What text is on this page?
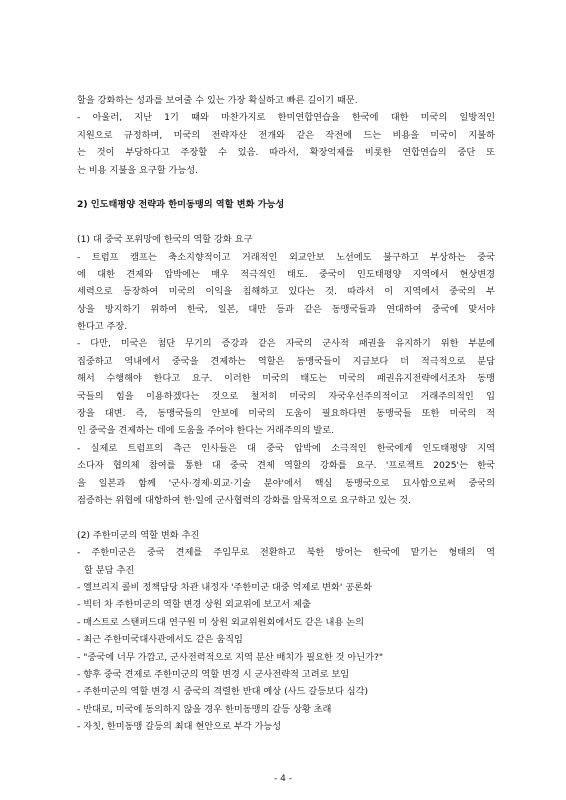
할을 강화하는 성과를 보여줄 수 있는 가장 확실하고 빠른 길이기 때문.
- 아울러, 지난 1기 때와 마찬가지로 한미연합연습을 한국에 대한 미국의 일방적인
지원으로 규정하며, 미국의 전략자산 전개와 같은 작전에 드는 비용을 미국이 지불하
는 것이 부당하다고 주장할 수 있음. 따라서, 확장억제를 비롯한 연합연습의 중단 또
는 비용 지불을 요구할 가능성.
2) 인도태평양 전략과 한미동맹의 역할 변화 가능성
(1) 대 중국 포위망에 한국의 역할 강화 요구
- 트럼프 캠프는 축소지향적이고 거래적인 외교안보 노선에도 불구하고 부상하는 중국
에 대한 견제와 압박에는 매우 적극적인 태도. 중국이 인도태평양 지역에서 현상변경
세력으로 등장하여 미국의 이익을 침해하고 있다는 것. 따라서 이 지역에서 중국의 부
상을 방지하기 위하여 한국, 일본, 대만 등과 같은 동맹국들과 연대하여 중국에 맞서야
한다고 주장.
- 다만, 미국은 첨단 무기의 증강과 같은 자국의 군사적 패권을 유지하기 위한 부분에
집중하고 역내에서 중국을 견제하는 역할은 동맹국들이 지금보다 더 적극적으로 분담
해서 수행해야 한다고 요구. 이러한 미국의 태도는 미국의 패권유지전략에서조차 동맹
국들의 힘을 이용하겠다는 것으로 철저히 미국의 자국우선주의적이고 거래주의적인 입
장을 대변. 즉, 동맹국들의 안보에 미국의 도움이 필요하다면 동맹국들 또한 미국의 적
인 중국을 견제하는 데에 도움을 주어야 한다는 거래주의의 발로.
- 실제로 트럼프의 측근 인사들은 대 중국 압박에 소극적인 한국에게 인도태평양 지역
소다자 협의체 참여를 통한 대 중국 견제 역할의 강화를 요구. '프로젝트 2025'는 한국
을 일본과 함께 '군사·경제·외교·기술 분야'에서 핵심 동맹국으로 묘사함으로써 중국의
점증하는 위협에 대항하여 한·일에 군사협력의 강화를 암묵적으로 요구하고 있는 것.
(2) 주한미군의 역할 변화 추진
- 주한미군은 중국 견제를 주임무로 전환하고 북한 방어는 한국에 맡기는 형태의 역
할 분담 추진
- 엘브리지 콜비 정책담당 차관 내정자 '주한미군 대중 억제로 변화' 공론화
- 빅터 차 주한미군의 역할 변경 상원 외교위에 보고서 제출
- 매스트로 스탠퍼드대 연구원 미 상원 외교위원회에서도 같은 내용 논의
- 최근 주한미국대사관에서도 같은 움직임
- "중국에 너무 가깝고, 군사전력적으로 지역 분산 배치가 필요한 것 아닌가?"
- 향후 중국 견제로 주한미군의 역할 변경 시 군사전략적 고려로 보임
- 주한미군의 역할 변경 시 중국의 격렬한 반대 예상 (사드 갈등보다 심각)
- 반대로, 미국에 동의하지 않을 경우 한미동맹의 갈등 상황 초래
- 자칫, 한미동맹 갈등의 최대 현안으로 부각 가능성
- 4 -
